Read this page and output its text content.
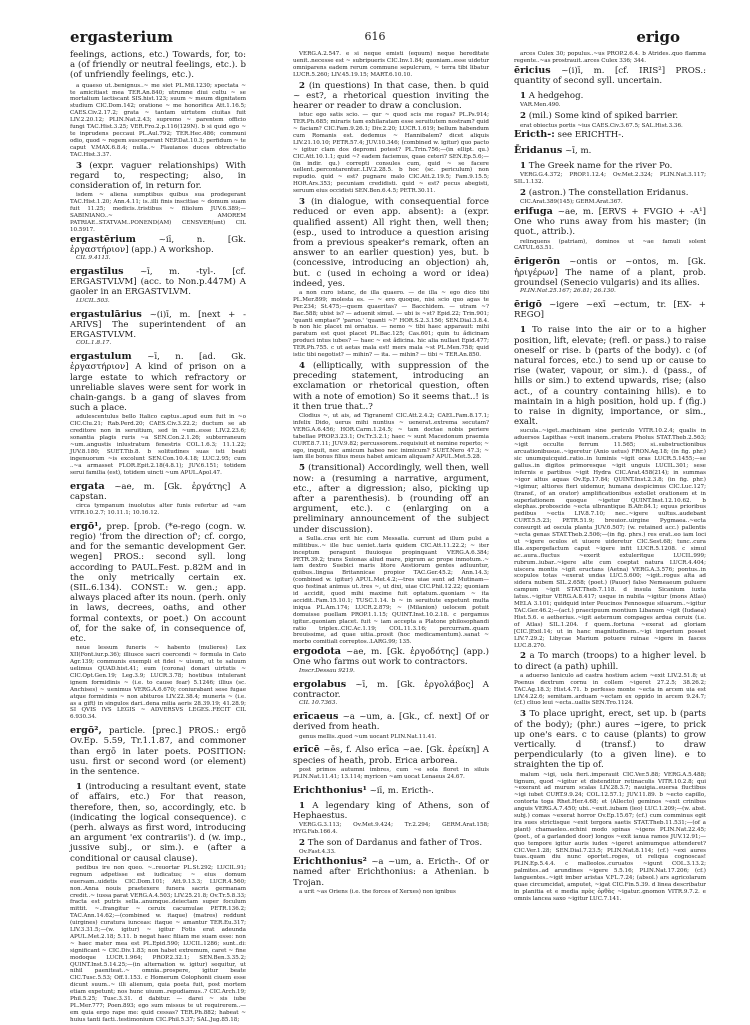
ergasterium	616	erigo

feelings, actions, etc.) Towards, for, to: a (of friendly or neutral feelings, etc.). b (of unfriendly feelings, etc.).

a quaeso ut..benignus..~ me siet PL.Mil.1230; spectata ~ te amicitiast mea TER.An.840; utrumne diui cultu ~ se mortalium lactiscant SIS.hist.123; suum ~ meum dignitatem studium CIC.Dom.142; oratione ~ me honorifica Att.1.16.5; CAES.Civ.2.17.2; grata ~ tantam uirtutem ciuitas fuit LIV.2.20.12; PLIN.Nat.2.43; supremo ~ parentem officio fungi TAC.Hist.3.25; VER.Fro.2.p.116(129N). b si quid ego ~ te inprudens peccaui PL.Aul.792; TER.Hec.486; communi odio, quod ~ regem susceperant NEP.Dat.10.3; perfidum ~ te caput V.MAX.6.8.4; nulla..~ Flauianos duces obtrectatio TAC.Hist.3.37.

3 (expr. vaguer relationships) With regard to, respecting; also, in consideration of, in return for.

isdem ~ aliena sumptibus quibus sua prodegerant TAC.Hist.1.20; Ann.4.11; is..illi finis inscitiae ~ domum suam fuit 11.25; medicis..tristibus ~ filiolum JUV.6.389;—SABINIANO..~ AMOREM PATRIAE..STATVAM..PONEND(AM) CENSVER(unt) CIL 10.5917.

ergastērium	~iī, n. [Gk. ἐργαστήριον] (app.) A workshop.

CIL 9.4113.

ergastīlus ~ī, m. -tyl-. [cf. ERGASTVLVM] (acc. to Non.p.447M) A gaoler in an ERGASTVLVM.

LUCIL.503.

ergastulārius ~(i)ī, m. [next + -ARIVS] The superintendent of an ERGASTVLVM.

COL.1.8.17.

ergastulum ~ī, n. [ad. Gk. ἐργαστήριον] A kind of prison on a large estate to which refractory or unreliable slaves were sent for work in chain-gangs. b a gang of slaves from such a place.

adulescentulus bello Italico captus..apud eum fuit in ~o CIC.Clu.21; Rab.Perd.20; CAES.Civ.3.22.2; ductum se ab creditore non in seruitium, sed in ~um..esse LIV.2.23.6; sonantia plagis ruris ~a SEN.Con.2.1.26; subterraneum ~um..angustis inlustratum fenestris COL.1.6.3; 11.1.22; JUV.8.180; SUET.Tib.8. b solitudines suas isti beati ingenuorum ~is excolunt SEN.Con.10.4.18; LUC.2.95; cum ..~a armasset FLOR.Epit.2.18(4.8.1); JUV.6.151; totidem serui familia (est), totidem uincti ~um APUL.Apol.47.

ergata ~ae, m. [Gk. ἐργάτης] A capstan.

circa tympanum inuolutus alter funis refertur ad ~am VITR.10.2.7; 10.11.1; 10.16.12.

ergō¹, prep. [prob. (*e-rego (cogn. w. regio) 'from the direction of'; cf. corgo, and for the semantic development Ger. wegen] PROS.: second syll. long according to PAUL.Fest. p.82M and in the only metrically certain ex. (SIL.6.134). CONST.: w. gen.; app. always placed after its noun. (perh. only in laws, decrees, oaths, and other formal contexts, or poet.) On account of, for the sake of, in consequence of, etc.

neue lessum funeris ~ habento (mulieres) Lex XII(Font.iur.p.36); illiusce sacri coercendi ~ formula in Cato Agr.139; communis exempli et fidei ~ uisum, ut te saluum uelimus QUAD.hist.41; eum (corona) donari uirtutis ~ CIC.Opt.Gen.19; Leg.3.9; LUCR.3.78; hostibus intulerant ignem formidinis ~ (i.e. to cause fear) 5.1246; illius (sc. Anchises) ~ uenimus VERG.A.6.670; coniurabant sese fugae atque formidinis ~ non abituros LIV.22.38.4; muneris ~ (i.e. as a gift) in singulos dari..dena milia aeris 28.39.19; 41.28.9; SI QVIS IVS LEGIS ~ ADVERSVS LEGES..FECIT CIL 6.930.34.

ergō², particle. [prec.] PROS.: ergō Ov.Ep. 5.59, Tr.1.1.87, and commoner than ergō in later poets. POSITION: usu. first or second word (or element) in the sentence.

1 (introducing a resultant event, state of affairs, etc.) For that reason, therefore, then, so, accordingly, etc. b (indicating the logical consequence). c (perh. always as first word, introducing an argument 'ex contrariis'). d (w. imp., jussive subj., or sim.). e (after a conditional or causal clause).

pedibus ire non queo. ~..reuortar PL.St.292; LUCIL.91; regnum adpetisse est iudicatus; ~ eius domum euersam..uidetis CIC.Dom.101; Att.9.13.3; LUCR.4.560; non..Anna nouis praetexere funera sacris germanam credit..~ iussa parat VERG.A.4.503; LIV.25.21.8; Ov.Tr.5.8.33; fracta est putris sella..anumque..deiectam super foculum mittit. ~..frangitur ~ ceruix cacumulae PETR.136.2; TAC.Ann.14.62;—(combined w. itaque) (matres) reddunt (uirgines) curatura iunceas: itaque ~ amantur TER.Eu.317; LIV.3.31.5;—(w. igitur) ~ igitur Fotis erat adeunda APUL.Met.2.18; 5.11. b negat haec filiam me suam esse: non ~ haec mater mea est PL.Epid.590; LUCIL.1286; sunt..di: significant ~ CIC.Div.1.83; non habet extremum, caret ~ fine modoque LUCR.1.964; PROP.2.32.1; SEN.Ben.3.35.2; QUINT.Inst.5.14.25;—(in alternation w. igitur) sequitur, ut nihil paeniteat..~ omnia..prospere, igitur beate CIC.Tusc.5.53; Off.1.153. c Homerum Colophonii ciuem esse dicunt suum..~ illi alienum, quia poeta fuit, post mortem etiam expetunt; nos hunc uiuum..repudiamus..? CIC.Arch.19; Phil.5.25; Tusc.3.31. d dabitur. — darei ~ sis iube PL.Mer.777; Poen.893; ego sum missus te ut requirerem..—em quia ergo rape me: quid cessas? TER.Ph.882; habeat ~ huius tanti facti..testimonium CIC.Phil.5.37; SAL.Jug.85.18;

VERG.A.2.547. e si neque emisti (equum) neque hereditate uenit..necesse est ~ subripueris CIC.Inv.1.84; quoniam..esse uidetur omniparens eadem rerum commune sepulcrum, ~ terra tibi libatur LUCR.5.260; LIV.45.19.15; MART.6.10.10.

2 (in questions) In that case, then. b quid ~ est?, a rhetorical question inviting the hearer or reader to draw a conclusion.

istuc ego satis scio. — qur ~ quod scis me rogas? PL.Ps.914; TER.Ph.685; miraris tam exhilaratam esse seruitutem nostram? quid ~ faciam? CIC.Fam.9.26.1; Div.2.20; LUCR.1.619; bellum habendum cum Romanis est. dedemus ~ Hannibalem? dicet aliquis LIV.21.10.10; PETR.57.4; JUV.10.346; (combined w. igitur) quo pacto ~ igitur clam dos depromi potest? PL.Trin.756;—(in ellipt. qu.) CIC.Att.10.1.1; quid ~? eadem faciemus, quae ceteri? SEN.Ep.5.6;—(in indir. qu.) correpti consules cum, quid ~ se facere uellent..percontarentur..LIV.2.28.5. b hoc (sc. periculum) non repudio. quid ~ est? pugnare malo CIC.Att.2.19.5; Fam.9.15.5; HOR.Ars.353; pecuniam credidisti. quid ~ est? pecus abegisti, seruum eius occidisti SEN.Ben.6.4.5; PETR.30.11.

3 (in dialogue, with consequential force reduced or even app. absent): a (expr. qualified assent) All right then, well then; (esp., used to introduce a question arising from a previous speaker's remark, often an answer to an earlier question) yes, but. b (concessive, introducing an objection) ah, but. c (used in echoing a word or idea) indeed, yes.

a non curo istanc, de illa quaero. — de illa ~ ego dico tibi PL.Mer.899; molesta es. — ~ ero quoque, nisi scio quo agas te Per.234; St.475;—quem quaeritas? — Bacchidem. — utram ~? Bac.588; ubist is? — aduenit simul. — ubi is ~st? Epid.22; Trin.901; 'quanti emptae?' 'paruo.' 'quanti ~?' HOR.S.2.3.156; SEN.Dial.3.8.4. b non hic placet mi ornatus. — nemo ~ tibi haec apparauit: mihi paratum est quoi placet PL.Bac.125; Cas.601; quin tu ădicinam produci intus iubes? — haec ~ est ădicina. hic alia nullast Epid.477; TER.Ph.755. c ut aetas mala est! mers mala ~st PL.Men.758; quid istic tibi negotist? — mihin? — ita. — mihin? — tibi ~ TER.An.850.

4 (elliptically, with suppression of the preceding statement, introducing an exclamation or rhetorical question, often with a note of emotion) So it seems that..! is it then true that..?

Clodius ~, ut ais, ad Tigranem! CIC.Att.2.4.2; CAEL.Fam.8.17.1; infelix Dido, uerus mihi nuntius ~ uenerat..extrema secutam? VERG.A.6.456; HOR.Carm.1.24.5; ~ tam doctae nobis periere tabellae PROP.3.23.1; Ov.Tr.3.2.1; haec ~ sunt Macedonum praemia CURT.8.7.11; JUV.9.82; percussorem..requisiuit et nemine reperto; ~ ego, inquit, nec amicum habeo nec inimicum? SUET.Nero 47.3; ~ iam ille bonus filius meus habet amicam aliquam? APUL.Met.5.28.

5 (transitional) Accordingly, well then, well now: a (resuming a narrative, argument, etc., after a digression; also, picking up after a parenthesis). b (rounding off an argument, etc.). c (enlarging on a preliminary announcement of the subject under discussion).

a Sulla..cras erit hic cum Messalla. currunt ad illum pulsi a militibus..~ ille huc ueniet..taris quidem CIC.Att.11.22.2; ~ iter inceptum peragunt fluuioque propinquant VERG.A.6.384; PETR.39.2; trans Suionas aliud mare, pigrum ac prope inmotum..~ iam dextro Suebici maris litore Aestiorum gentes adluuntur, quibus..lingua Britannicae propior TAC.Ger.45.2; Ann.14.3; (combined w. igitur) APUL.Met.4.2;—tres uiae sunt ad Mutinam—quo festinat animus ut..tres ~, ut dixi, uiae CIC.Phil.12.22; quoniam id accidit, quod mihi maxime fuit optatum..quoniam ~ ita accidit..Fam.15.10.1; TUSC.1.14. b ~ in seruitute expetunt multa iniqua PL.Am.174; LUCR.2.879; ~ (Milanion) uelocem potuit domuisse puellam PROP.1.1.15; QUINT.Inst.10.2.18. c pergamus igitur..quoniam placet. fuit ~ iam accepta a Platone philosophandi ratio triplex..CIC.Ac.1.19; COL.11.3.16; percurram..quam breuissime, ad quae uitia..prosit (hoc medicamentum)..sanat ~ morbo comitiali correptos..LARG.99; 135.

ergodota ~ae, m. [Gk. ἐργοδότης] (app.) One who farms out work to contractors.

Inscr.Dessau 9219.

ergolabus ~ī, m. [Gk. ἐργολάβος] A contractor.

CIL 10.7363.

erīcaeus ~a ~um, a. [Gk., cf. next] Of or derived from heath.

genus mellis..quod ~um uocant PLIN.Nat.11.41.

erīcē ~ēs, f. Also erīca ~ae. [Gk. ἐρείκη] A species of heath, prob. Erica arborea.

post primos autumni imbres, cum ~e sola floret in siluis PLIN.Nat.11.41; 13.114; myricen ~am uocat Lenaeus 24.67.

Erichthonius¹ ~iī, m. Ericth-.

1 A legendary king of Athens, son of Hephaestus.

VERG.G.3.113; Ov.Met.9.424; Tr.2.294; GERM.Arat.158; HYG.Fab.166.4.

2 The son of Dardanus and father of Tros.

Ov.Fast.4.33.

Erichthonius² ~a ~um, a. Ericth-. Of or named after Erichthonius: a Athenian. b Trojan.

a urit ~as Oriens (i.e. the forces of Xerxes) non ignibus

arces Culex 30; populus..~us PROP.2.6.4. b Atrides..quo flamma regente..~as prostrauit..arces Culex 336; 344.

ēricius ~(i)ī, m. [cf. IRIS²] PROS.: quantity of second syll. uncertain.

1 A hedgehog.

VAR.Men.490.

2 (mil.) Some kind of spiked barrier.

erat obiectus portis ~ius CAES.Civ.3.67.5; SAL.Hist.3.36.

Ericth-: see ERICHTH-.

Ēridanus ~ī, m.

1 The Greek name for the river Po.

VERG.G.4.372; PROP.1.12.4; Ov.Met.2.324; PLIN.Nat.3.117; SIL.1.132.

2 (astron.) The constellation Eridanus.

CIC.Arat.389(145); GERM.Arat.367.

erifuga ~ae, m. [ERVS + FVGIO + -A¹] One who runs away from his master; (in quot., attrib.).

relinquens (patriam), dominos ut ~ae famuli solent CATUL.63.51.

ērigerōn ~ontis or ~ontos, m. [Gk. ἠριγέρων] The name of a plant, prob. groundsel (Senecio vulgaris) and its allies.

PLIN.Nat.25.167; 26.81; 26.130.

ērigō ~igere ~exī ~ectum, tr. [EX- + REGO]

1 To raise into the air or to a higher position, lift, elevate; (refl. or pass.) to raise oneself or rise. b (parts of the body). c (of natural forces, etc.) to send up or cause to rise (water, vapour, or sim.). d (pass., of hills or sim.) to extend upwards, rise; (also act., of a country containing hills). e to maintain in a high position, hold up. f (fig.) to raise in dignity, importance, or sim., exalt.

sucula..~iget..machinam sine periculo VITR.10.2.4; qualis in aduersos Lapithas ~exit inanem..cratera Pholus STAT.Theb.2.563; ~igit occulte ferrum 11.565; si..substructionibus arcuationibusue..~igeretur (Anio uetus) FRON.Aq.18; (in fig. phr.) sic unumquicquid..ratio..in luminis ~igit oras LUCR.5.1455;—se gallus..in digitos primoresque ~igit unguis LUCIL.301; sese infernis e partibus ~igit Hydra CIC.Arat.458(214); in summas ~igor altus aquas Ov.Ep.17.84; QUINT.Inst.2.3.8; (in fig. phr.) ~igimur, altiores fieri uidemur, humana despicimus CIC.Luc.127; (transf., of an orator) amplificationibus extollet orationem et in superlationem quoque ~igetur QUINT.Inst.12.10.62. b elephas..proboscide ~ecta ulbrantique B.Afr.84.1; equus prioribus pedibus ~ectis LIV.8.7.10; nec..~igere uultus..audebant CURT.5.5.23; PETR.51.9; breuior..uirgine Pygmaea..~ecta consurgit ad oscula planta JUV.6.507; (w. retained acc.) pallentis ~ecta genas STAT.Theb.2.506;—(in fig. phrs.) res erat..eo iam loci ut ~igere oculos et uiuere uideretur CIC.Sest.68; tunc..cura illa..expergefactum caput ~igere infit LUCR.5.1208. c simul ac..aura..fluctus ~exerit extuleritque LUCIL.999; rubrum..iubar..~igere alte cum coeptat natura LUCR.4.404; uiscera montis ~igit eructans (Aetna) VERG.A.3.576; pontus..in scopulos totas ~exerat undas LUC.5.600; ~igit..rogus alta ad sidera nubem SIL.2.658; (poet.) (Pauor) falso Nemeaeum puluere campum ~igit STAT.Theb.7.118. d insula Sicanium iuxta latus..~igitur VERG.A.8.417; usque in nubila ~igitur (mons Atlas) MELA 3.101; quidquid inter Peucinos Fennosque siluarum..~igitur TAC.Ger.46.2;—(act.) praecipuum montium Libanum ~igit (Iudaea) Hist.5.6. e aetherius..~igit aeternum compages ardua ceruix (i.e. of Atlas) SIL.1.204. f quem..fortuna ~exerat ad gloriam [CIC.]Exil.14; ut in hanc magnitudinem..~igi imperium posset LIV.7.29.2; Libycae Marium potuere ruinae ~igere in fasces LUC.8.270.

2 a To march (troops) to a higher level. b to direct (a path) uphill.

a aduerso Ianiculo ad castra hostium aciem ~exit LIV.2.51.8; ut Poenus dextrum cornu in collem ~igeret 27.2.5; 38.26.2; TAC.Ag.18.3; Hist.4.71. b perfesso monte ~ecta in arcem uia est LIV.4.22.6; semitam..arduam ~ectam ex oppido in arcem 9.24.7; (cf.) cliuo leui ~ecta..uallis SEN.Tro.1124.

3 To place upright, erect, set up. b (parts of the body); (phr.) aures ~igere, to prick up one's ears. c to cause (plants) to grow vertically. d (transf.) to draw perpendicularly (to a given line). e to straighten the tip of.

malum ~igi, uela fieri..imperauit CIC.Ver.5.88; VERG.A.5.488; tignum, quod ~igitur et distenditur retinaculis VITR.10.2.8; qui ~exerant ad murum scalas LIV.28.3.7; nauigia..euersa fluctibus ~igi iubet CURT.9.9.24; COL.12.57.1; JUV.11.89. b ~ecto capillo, contorta toga Rhet.Her.4.68; et (Allecto) geminos ~exit crinibus anguis VERG.A.7.450; ubi..~exit..iubam (leo) LUC.1.209;—(w. abst. subj.) comas ~exerat horror Ov.Ep.15.67; (cf.) cum comminus egit ira sues strictisque ~exit tergora saetis STAT.Theb.11.531;—(of a plant) chamaeleo..echini modo spinas ~igens PLIN.Nat.22.45; (poet., of a garlanded door) longos ~exit ianua ramos JUV.12.91;—quo tempore igitur auris iudex ~igeret animumque attenderet? CIC.Ver.1.28; SEN.Dial.7.23.5; PLIN.Nat.8.114; (cf.) ~exi aures tuas..quam diu nunc oportet..roges, ut reliqua cognoscas! PLIN.Ep.5.4.4. c malleolos..curuatos ~igunt COL.3.13.2; palmites..ad arundines ~igere 5.5.16; PLIN.Nat.17.206; (cf.) languentes..~igit imber aristas V.FL.7.24; (absol.) ars agricolarum quae circumcidat, amputet, ~igat CIC.Fin.5.39. d linea describatur in planitia et e media πρὸς ὀρθὰς ~igatur..gnomon VITR.9.7.2. e omnis lancea saxo ~igitur LUC.7.141.
